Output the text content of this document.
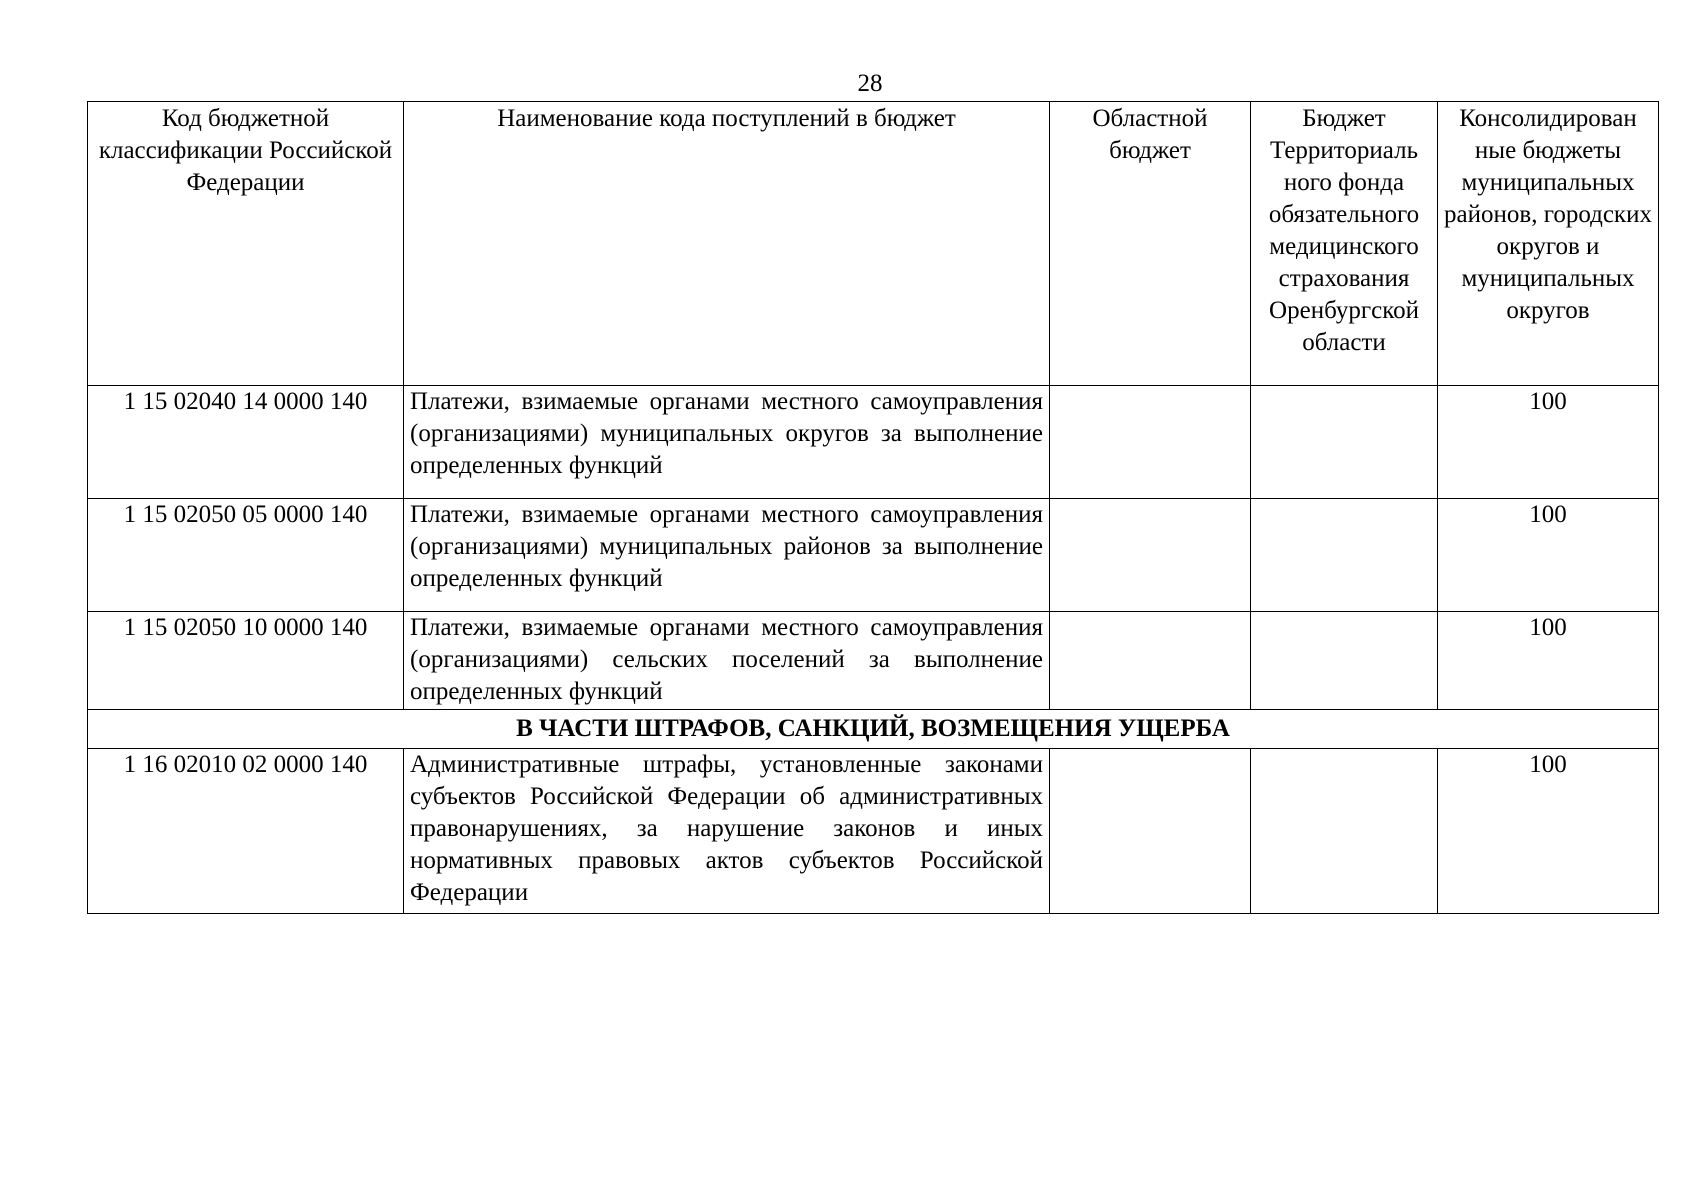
28
Код бюджетной классификации Российской Федерации	Наименование кода поступлений в бюджет	Областной бюджет	Бюджет Территориаль ного фонда обязательного медицинского страхования Оренбургской области	Консолидирован ные бюджеты муниципальных районов, городских округов и муниципальных округов
1 15 02040 14 0000 140	Платежи, взимаемые органами местного самоуправления (организациями) муниципальных округов за выполнение определенных функций			100
1 15 02050 05 0000 140	Платежи, взимаемые органами местного самоуправления (организациями) муниципальных районов за выполнение определенных функций			100
1 15 02050 10 0000 140	Платежи, взимаемые органами местного самоуправления (организациями) сельских поселений за выполнение определенных функций			100
В ЧАСТИ ШТРАФОВ, САНКЦИЙ, ВОЗМЕЩЕНИЯ УЩЕРБА				
1 16 02010 02 0000 140	Административные штрафы, установленные законами субъектов Российской Федерации об административных правонарушениях, за нарушение законов и иных нормативных правовых актов субъектов Российской Федерации			100
